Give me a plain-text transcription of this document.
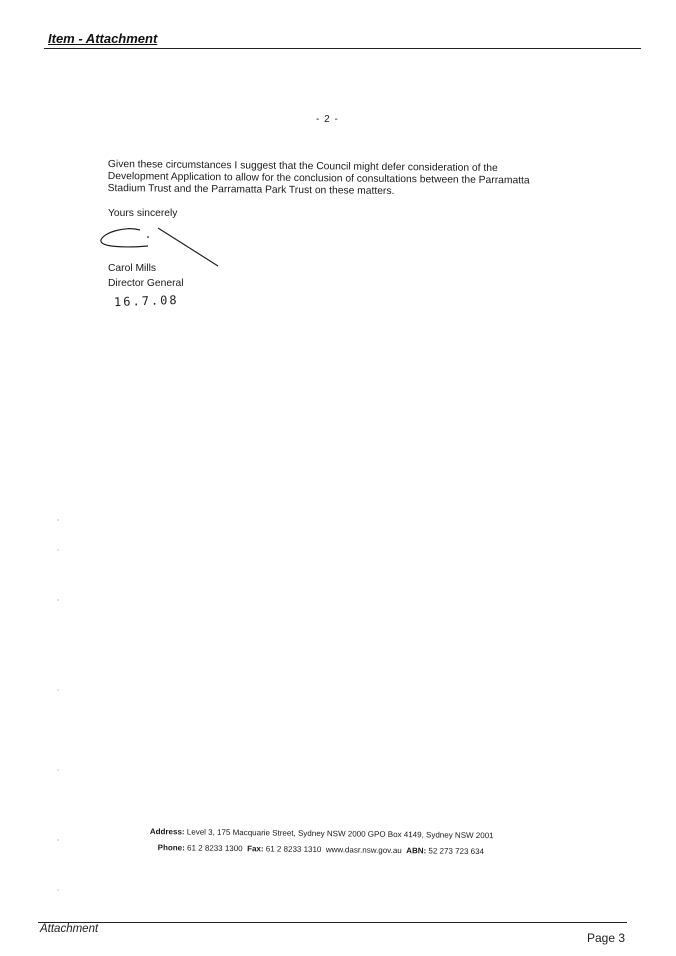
Item - Attachment
- 2 -
Given these circumstances I suggest that the Council might defer consideration of the
Development Application to allow for the conclusion of consultations between the Parramatta
Stadium Trust and the Parramatta Park Trust on these matters.
Yours sincerely
Carol Mills
Director General
16.7.08
Address: Level 3, 175 Macquarie Street, Sydney NSW 2000 GPO Box 4149, Sydney NSW 2001
Phone: 61 2 8233 1300 Fax: 61 2 8233 1310 www.dasr.nsw.gov.au ABN: 52 273 723 634
Attachment
Page 3
